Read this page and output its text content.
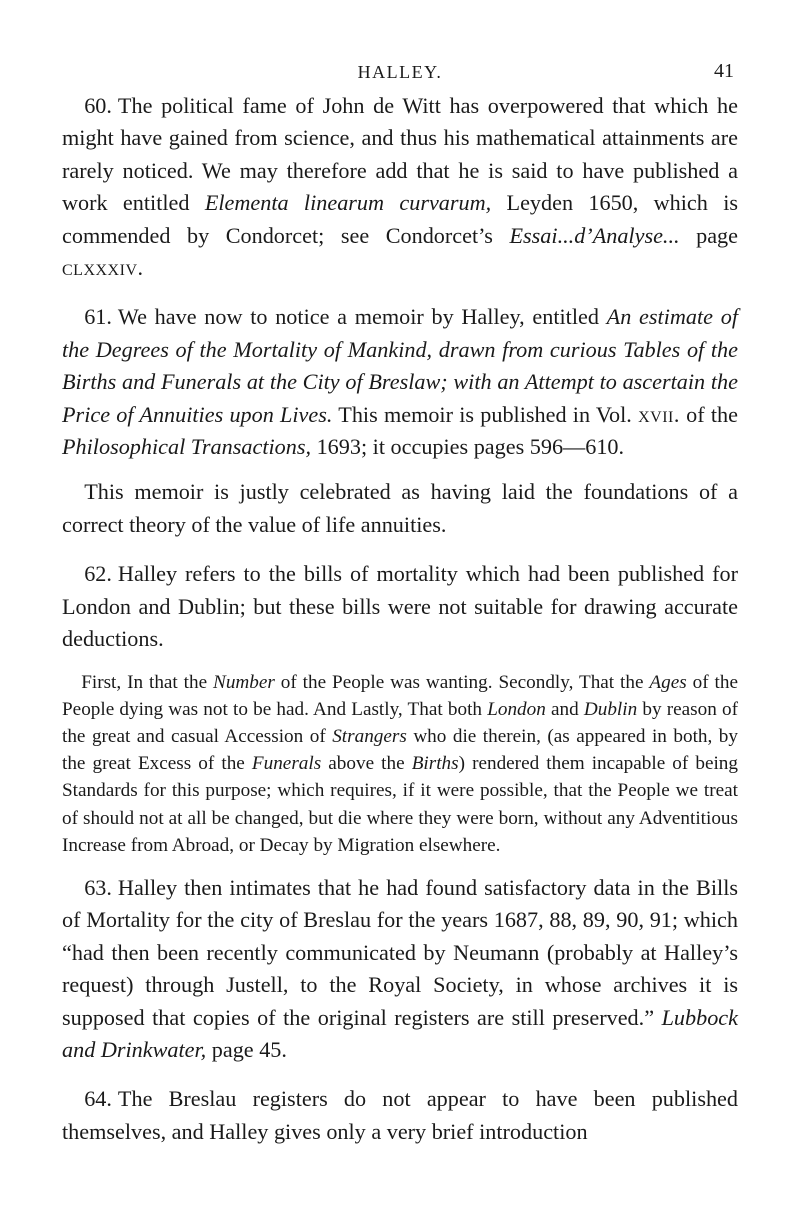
HALLEY.	41

 60. The political fame of John de Witt has overpowered that which he might have gained from science, and thus his mathematical attainments are rarely noticed. We may therefore add that he is said to have published a work entitled Elementa linearum curvarum, Leyden 1650, which is commended by Condorcet; see Condorcet’s Essai...d’Analyse... page clxxxiv.

 61. We have now to notice a memoir by Halley, entitled An estimate of the Degrees of the Mortality of Mankind, drawn from curious Tables of the Births and Funerals at the City of Breslaw; with an Attempt to ascertain the Price of Annuities upon Lives. This memoir is published in Vol. xvii. of the Philosophical Transactions, 1693; it occupies pages 596—610.

 This memoir is justly celebrated as having laid the foundations of a correct theory of the value of life annuities.

 62. Halley refers to the bills of mortality which had been published for London and Dublin; but these bills were not suitable for drawing accurate deductions.

 First, In that the Number of the People was wanting. Secondly, That the Ages of the People dying was not to be had. And Lastly, That both London and Dublin by reason of the great and casual Accession of Strangers who die therein, (as appeared in both, by the great Excess of the Funerals above the Births) rendered them incapable of being Standards for this purpose; which requires, if it were possible, that the People we treat of should not at all be changed, but die where they were born, without any Adventitious Increase from Abroad, or Decay by Migration elsewhere.

 63. Halley then intimates that he had found satisfactory data in the Bills of Mortality for the city of Breslau for the years 1687, 88, 89, 90, 91; which “had then been recently communicated by Neumann (probably at Halley’s request) through Justell, to the Royal Society, in whose archives it is supposed that copies of the original registers are still preserved.” Lubbock and Drinkwater, page 45.

 64. The Breslau registers do not appear to have been published themselves, and Halley gives only a very brief introduction
